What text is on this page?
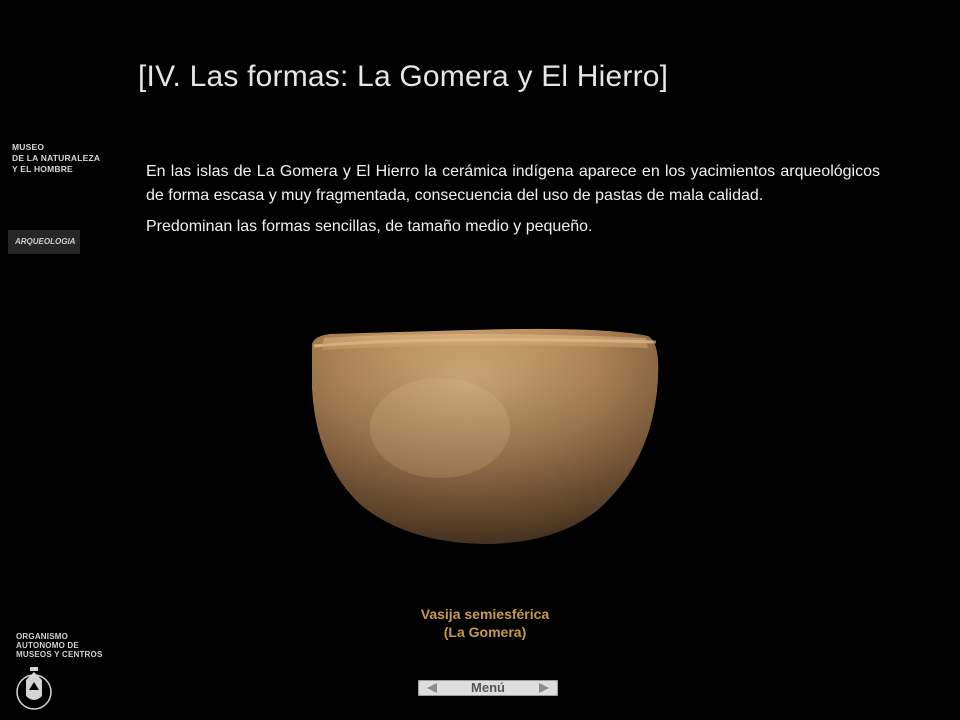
[IV. Las formas: La Gomera y El Hierro]
MUSEO
DE LA NATURALEZA
Y EL HOMBRE
ARQUEOLOGIA

En las islas de La Gomera y El Hierro la cerámica indígena aparece en los yacimientos arqueológicos de forma escasa y muy fragmentada, consecuencia del uso de pastas de mala calidad.

Predominan las formas sencillas, de tamaño medio y pequeño.

Vasija semiesférica
(La Gomera)
ORGANISMO
AUTONOMO DE
MUSEOS Y CENTROS
Menú
